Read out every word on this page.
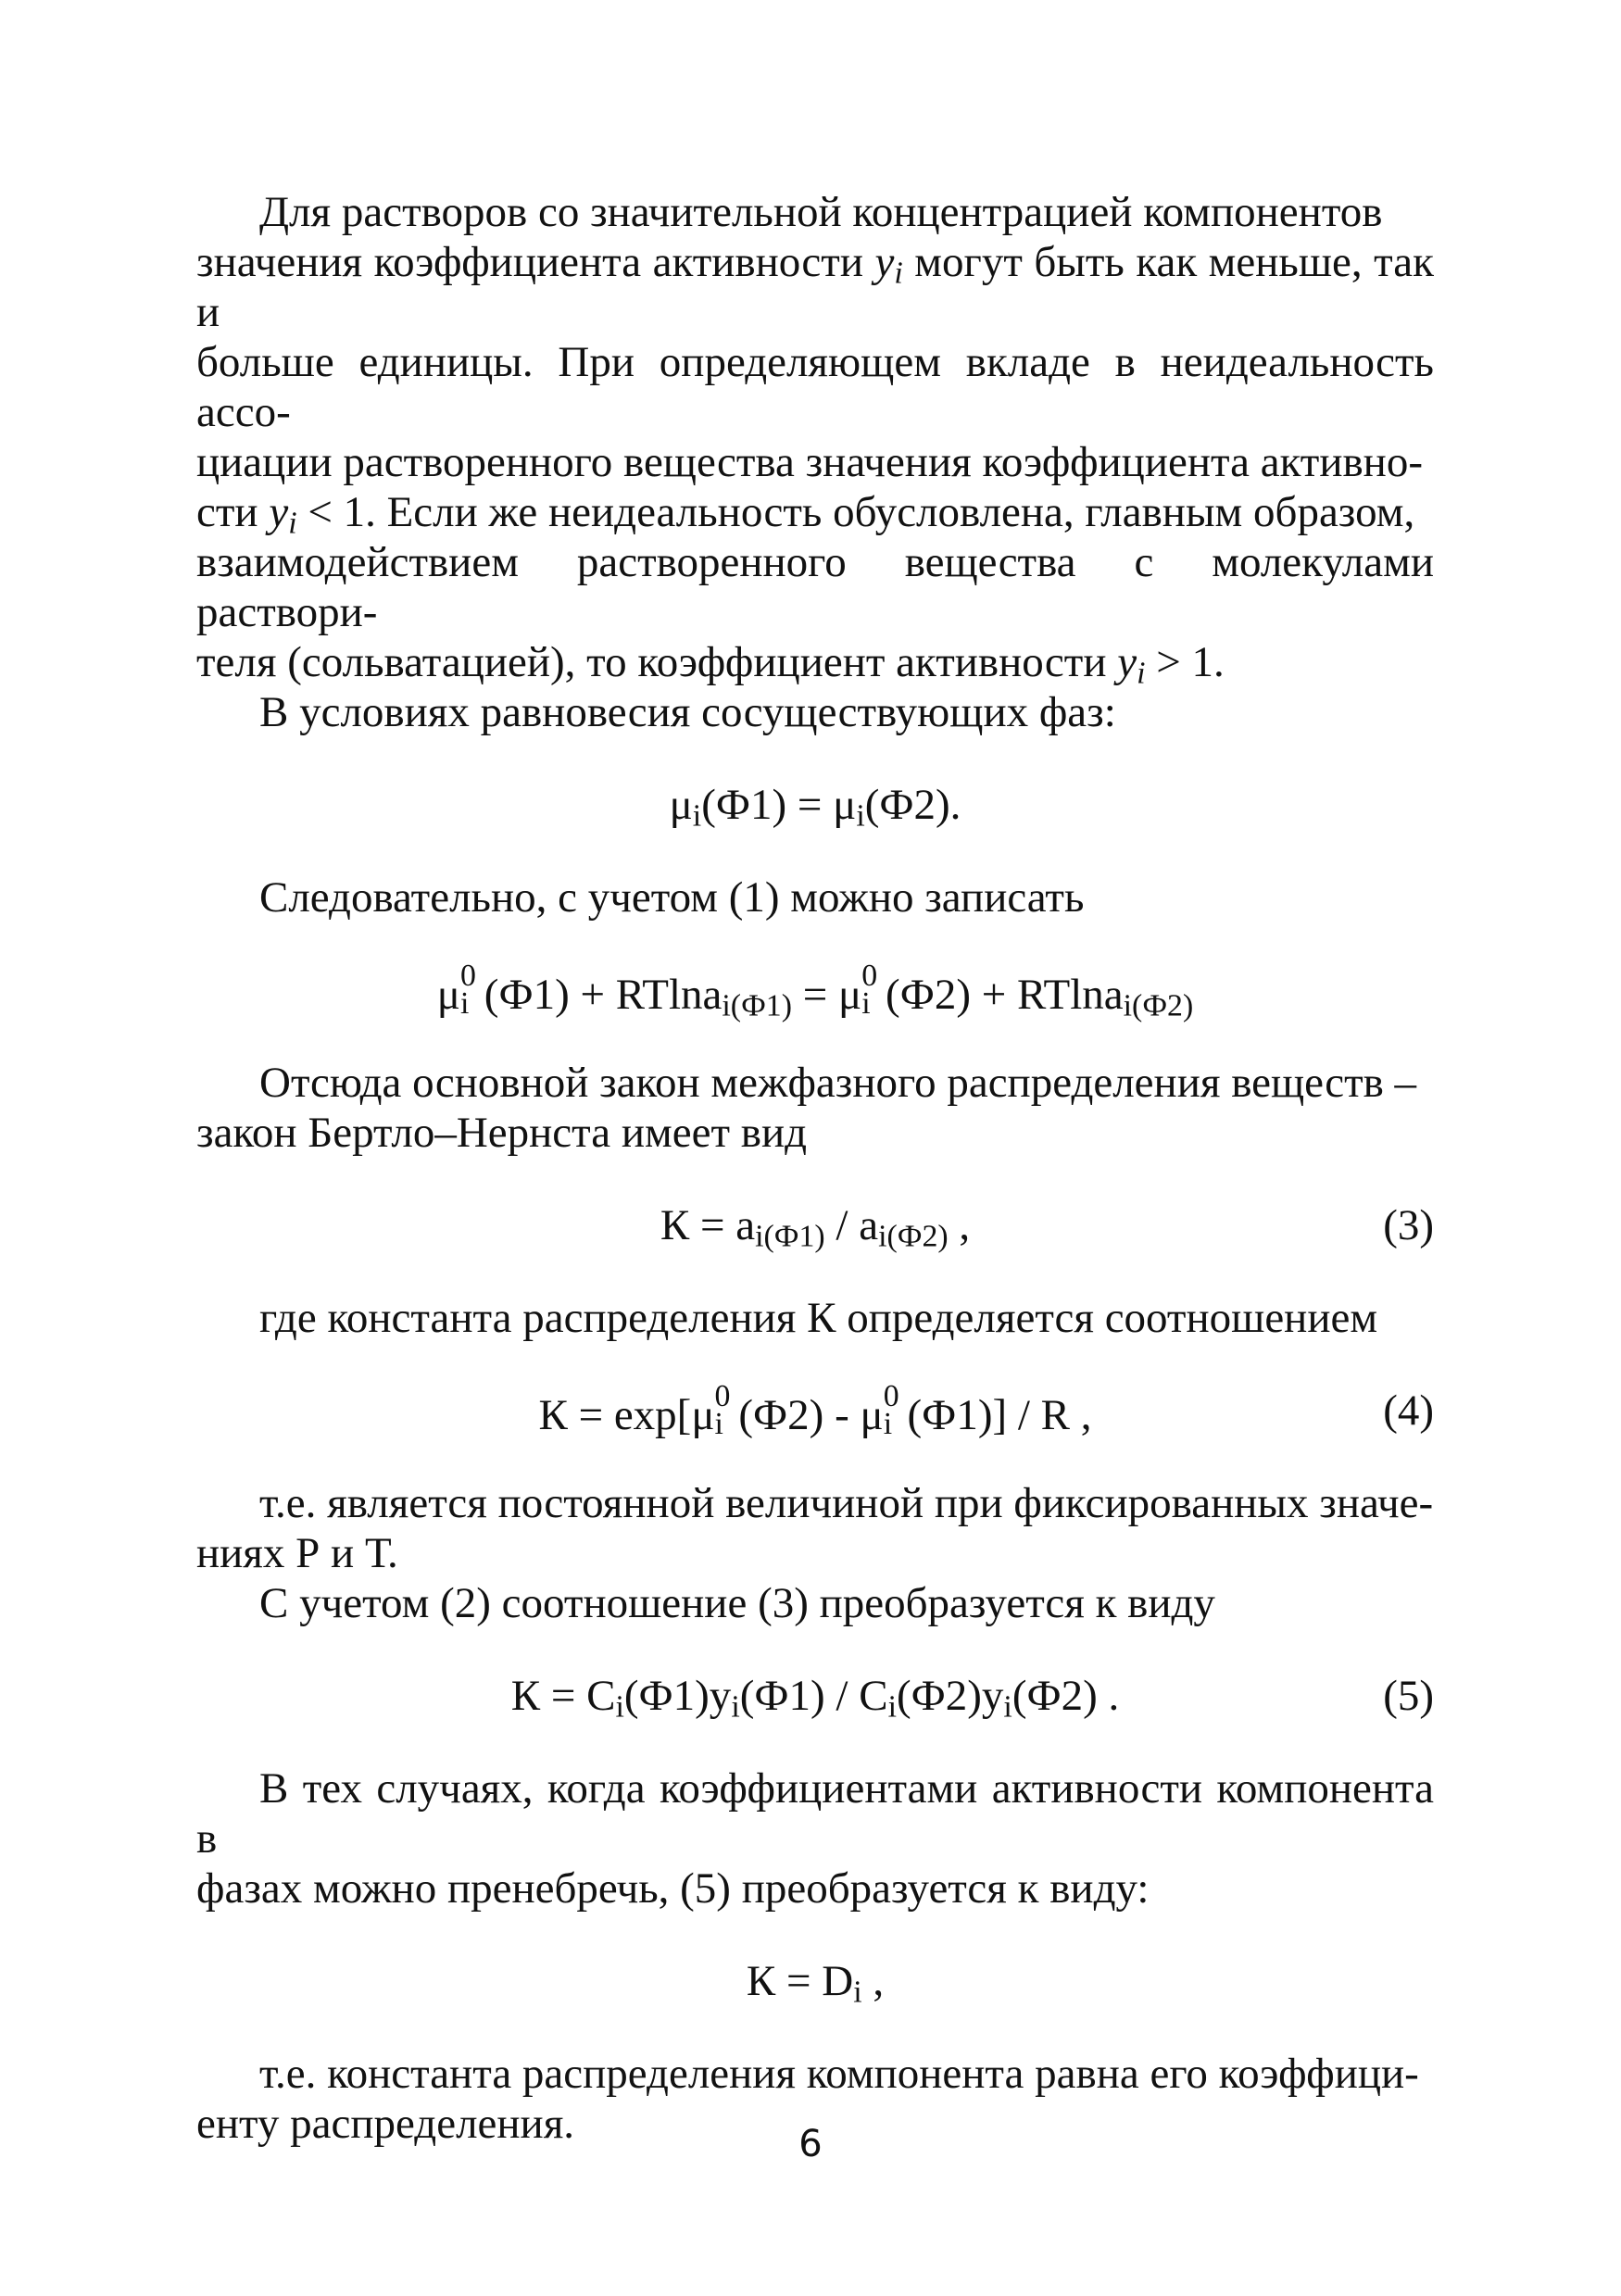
Для растворов со значительной концентрацией компонентов
значения коэффициента активности $y_i$ могут быть как меньше, так и
больше единицы. При определяющем вкладе в неидеальность ассо-
циации растворенного вещества значения коэффициента активно-
сти $y_i < 1$. Если же неидеальность обусловлена, главным образом,
взаимодействием растворенного вещества с молекулами раствори-
теля (сольватацией), то коэффициент активности $y_i > 1$.

В условиях равновесия сосуществующих фаз:

$\mu_i(Ф1) = \mu_i(Ф2)$.

Следовательно, с учетом (1) можно записать

μ 0
i (Ф1) + RTlna$_{i(Ф1)}$ = μ 0
i (Ф2) + RTlna$_{i(Ф2)}$

Отсюда основной закон межфазного распределения веществ –
закон Бертло–Нернста имеет вид

$К = a_{i(Ф1)} / a_{i(Ф2)}$ ,	(3)

где константа распределения К определяется соотношением

К = exp[μ 0
i (Ф2) - μ 0
i (Ф1)] / R ,	(4)

т.е. является постоянной величиной при фиксированных значе-
ниях Р и Т.

С учетом (2) соотношение (3) преобразуется к виду

$К = C_i(Ф1)y_i(Ф1) / C_i(Ф2)y_i(Ф2)$ .	(5)

В тех случаях, когда коэффициентами активности компонента в
фазах можно пренебречь, (5) преобразуется к виду:

$К = D_i$ ,

т.е. константа распределения компонента равна его коэффици-
енту распределения.	6
